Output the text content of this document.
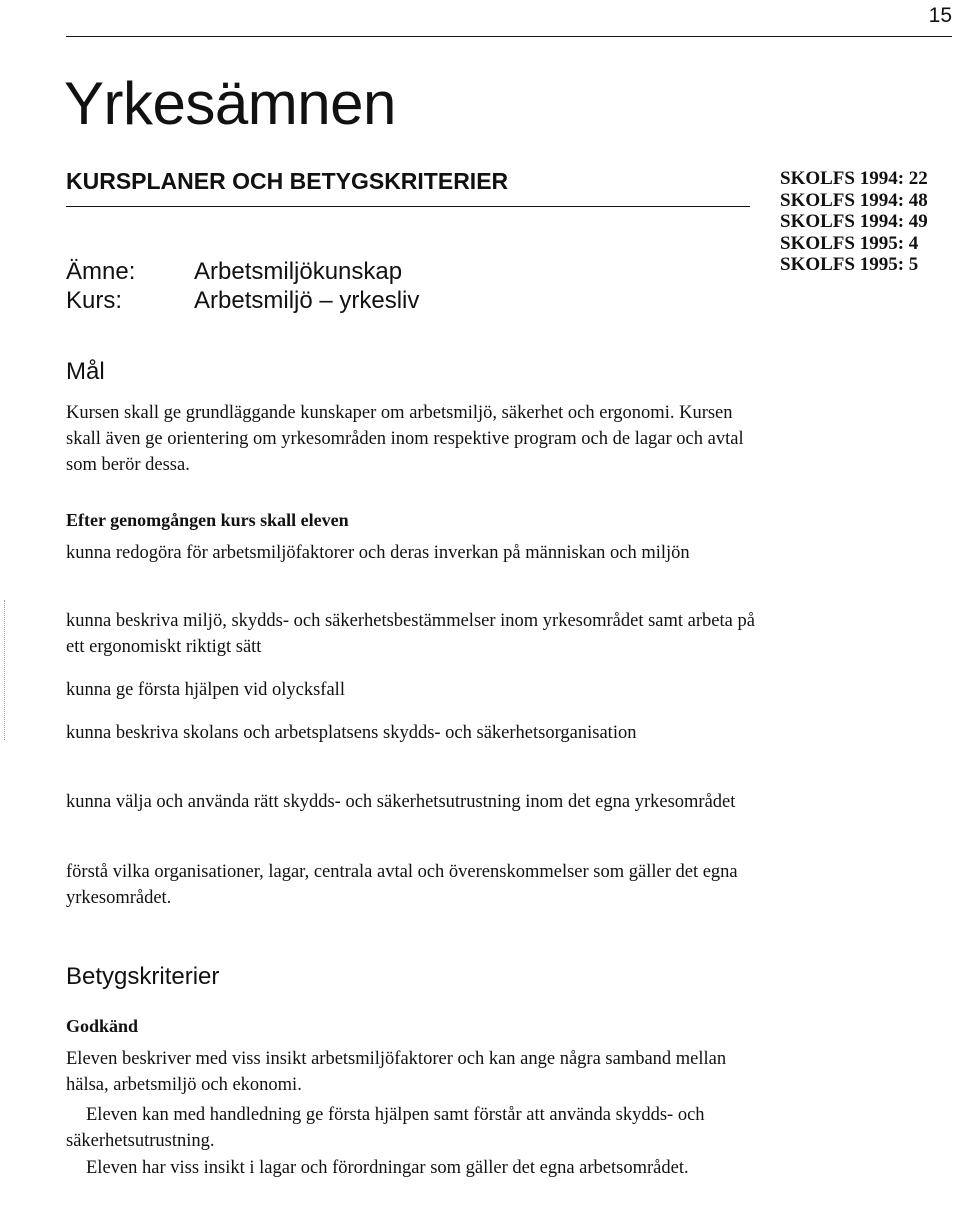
15
Yrkesämnen
KURSPLANER OCH BETYGSKRITERIER	SKOLFS 1994: 22
SKOLFS 1994: 48
SKOLFS 1994: 49
SKOLFS 1995: 4
SKOLFS 1995: 5
Ämne:	Arbetsmiljökunskap
Kurs:	Arbetsmiljö – yrkesliv
Mål

Kursen skall ge grundläggande kunskaper om arbetsmiljö, säkerhet och ergonomi. Kursen skall även ge orientering om yrkesområden inom respektive program och de lagar och avtal som berör dessa.

Efter genomgången kurs skall eleven

kunna redogöra för arbetsmiljöfaktorer och deras inverkan på människan och miljön

kunna beskriva miljö, skydds- och säkerhetsbestämmelser inom yrkesområdet samt arbeta på ett ergonomiskt riktigt sätt

kunna ge första hjälpen vid olycksfall

kunna beskriva skolans och arbetsplatsens skydds- och säkerhetsorganisation

kunna välja och använda rätt skydds- och säkerhetsutrustning inom det egna yrkesområdet

förstå vilka organisationer, lagar, centrala avtal och överenskommelser som gäller det egna yrkesområdet.

Betygskriterier
Godkänd

Eleven beskriver med viss insikt arbetsmiljöfaktorer och kan ange några samband mellan hälsa, arbetsmiljö och ekonomi.

Eleven kan med handledning ge första hjälpen samt förstår att använda skydds- och säkerhetsutrustning.

Eleven har viss insikt i lagar och förordningar som gäller det egna arbetsområdet.
